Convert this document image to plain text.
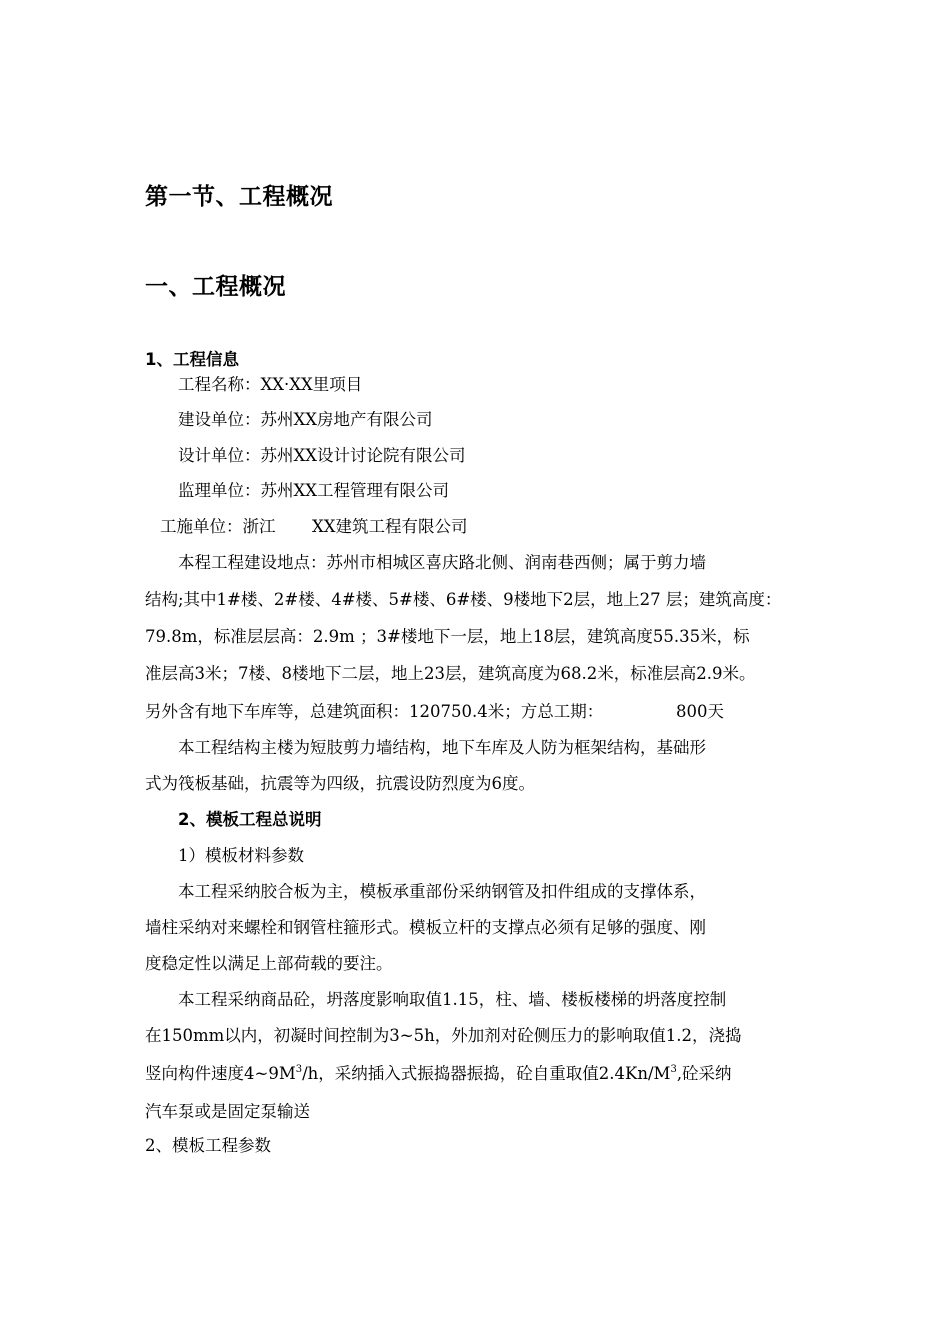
第一节、工程概况
一、工程概况
1、工程信息
工程名称：XX·XX里项目
建设单位：苏州XX房地产有限公司
设计单位：苏州XX设计讨论院有限公司
监理单位：苏州XX工程管理有限公司
工施单位：浙江 XX建筑工程有限公司
本程工程建设地点：苏州市相城区喜庆路北侧、润南巷西侧；属于剪力墙
结构;其中1#楼、2#楼、4#楼、5#楼、6#楼、9楼地下2层，地上27 层；建筑高度：
79.8m，标准层层高：2.9m ；3#楼地下一层，地上18层，建筑高度55.35米，标
准层高3米；7楼、8楼地下二层，地上23层，建筑高度为68.2米，标准层高2.9米。
另外含有地下车库等，总建筑面积：120750.4米；方总工期：	800天
本工程结构主楼为短肢剪力墙结构，地下车库及人防为框架结构，基础形
式为筏板基础，抗震等为四级，抗震设防烈度为6度。
2、模板工程总说明
1）模板材料参数
本工程采纳胶合板为主，模板承重部份采纳钢管及扣件组成的支撑体系，
墙柱采纳对来螺栓和钢管柱箍形式。模板立杆的支撑点必须有足够的强度、刚
度稳定性以满足上部荷载的要注。
本工程采纳商品砼，坍落度影响取值1.15，柱、墙、楼板楼梯的坍落度控制
在150mm以内，初凝时间控制为3~5h，外加剂对砼侧压力的影响取值1.2，浇捣
竖向构件速度$4\sim 9M^3/h$，采纳插入式振捣器振捣，砼自重取值$2.4Kn/M^3$,砼采纳
汽车泵或是固定泵输送
2、模板工程参数
